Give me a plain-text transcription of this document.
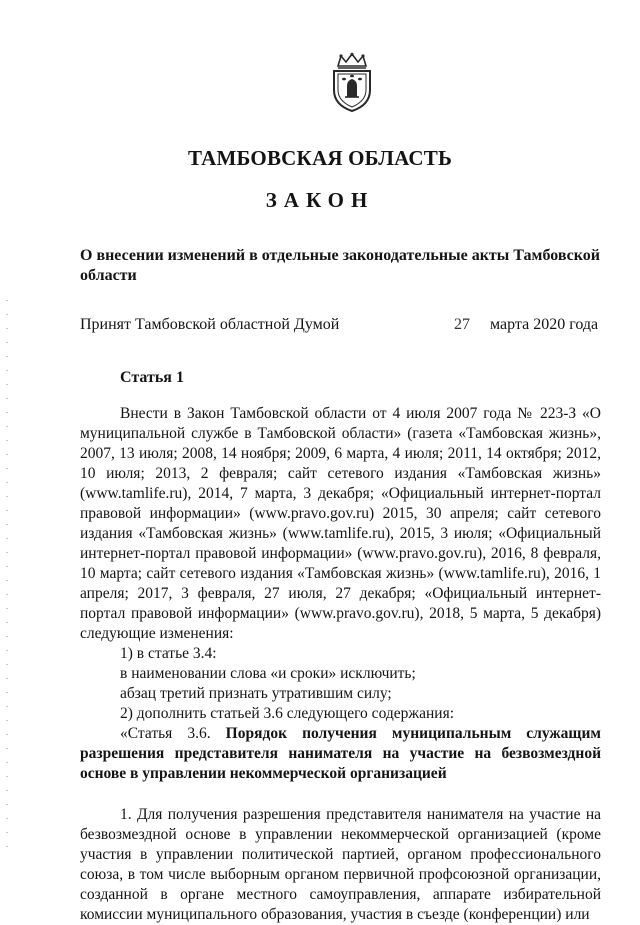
ТАМБОВСКАЯ ОБЛАСТЬ
ЗАКОН
О внесении изменений в отдельные законодательные акты Тамбовской области
Принят Тамбовской областной Думой	27 марта 2020 года
Статья 1

Внести в Закон Тамбовской области от 4 июля 2007 года № 223-З «О муниципальной службе в Тамбовской области» (газета «Тамбовская жизнь», 2007, 13 июля; 2008, 14 ноября; 2009, 6 марта, 4 июля; 2011, 14 октября; 2012, 10 июля; 2013, 2 февраля; сайт сетевого издания «Тамбовская жизнь» (www.tamlife.ru), 2014, 7 марта, 3 декабря; «Официальный интернет-портал правовой информации» (www.pravo.gov.ru) 2015, 30 апреля; сайт сетевого издания «Тамбовская жизнь» (www.tamlife.ru), 2015, 3 июля; «Официальный интернет-портал правовой информации» (www.pravo.gov.ru), 2016, 8 февраля, 10 марта; сайт сетевого издания «Тамбовская жизнь» (www.tamlife.ru), 2016, 1 апреля; 2017, 3 февраля, 27 июля, 27 декабря; «Официальный интернет-портал правовой информации» (www.pravo.gov.ru), 2018, 5 марта, 5 декабря) следующие изменения:

1) в статье 3.4:

в наименовании слова «и сроки» исключить;

абзац третий признать утратившим силу;

2) дополнить статьей 3.6 следующего содержания:

«Статья 3.6. Порядок получения муниципальным служащим разрешения представителя нанимателя на участие на безвозмездной основе в управлении некоммерческой организацией

1. Для получения разрешения представителя нанимателя на участие на безвозмездной основе в управлении некоммерческой организацией (кроме участия в управлении политической партией, органом профессионального союза, в том числе выборным органом первичной профсоюзной организации, созданной в органе местного самоуправления, аппарате избирательной комиссии муниципального образования, участия в съезде (конференции) или
